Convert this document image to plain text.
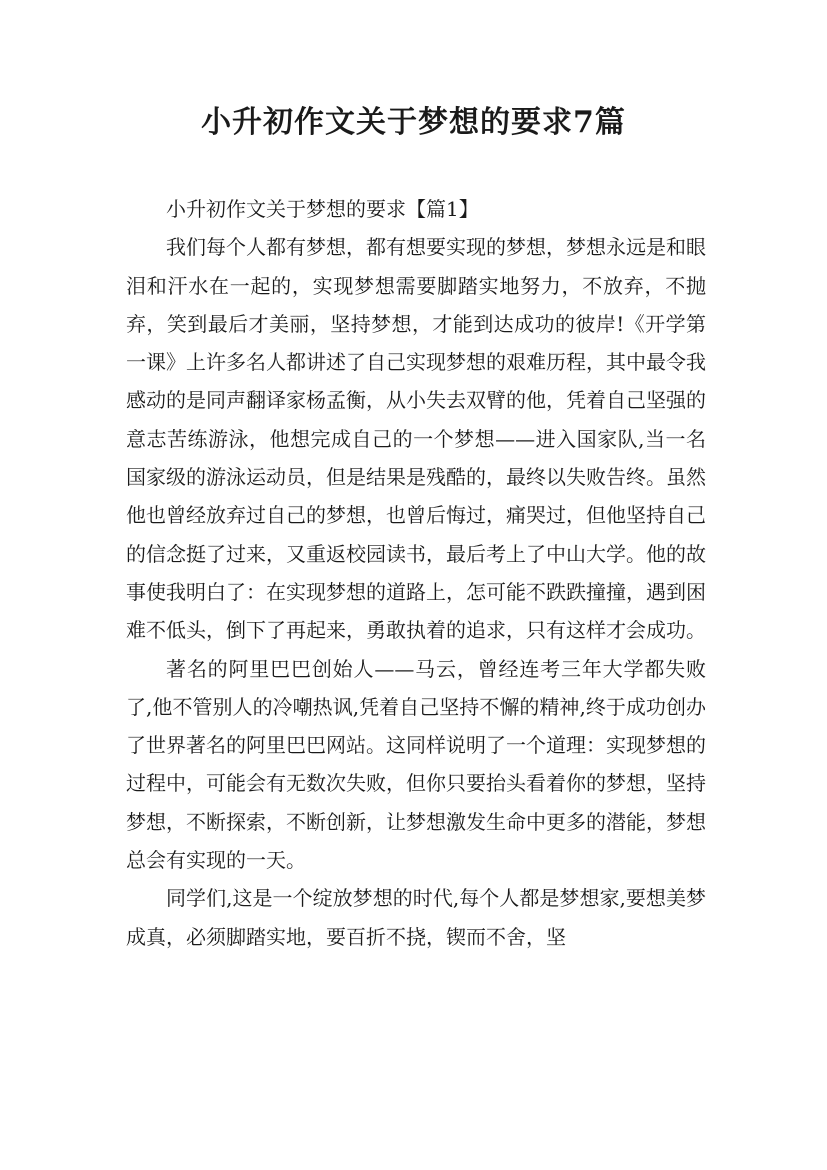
小升初作文关于梦想的要求7篇
小升初作文关于梦想的要求【篇1】

我们每个人都有梦想，都有想要实现的梦想，梦想永远是和眼泪和汗水在一起的，实现梦想需要脚踏实地努力，不放弃，不抛弃，笑到最后才美丽，坚持梦想，才能到达成功的彼岸!《开学第一课》上许多名人都讲述了自己实现梦想的艰难历程，其中最令我感动的是同声翻译家杨孟衡，从小失去双臂的他，凭着自己坚强的意志苦练游泳，他想完成自己的一个梦想——进入国家队,当一名国家级的游泳运动员，但是结果是残酷的，最终以失败告终。虽然他也曾经放弃过自己的梦想，也曾后悔过，痛哭过，但他坚持自己的信念挺了过来，又重返校园读书，最后考上了中山大学。他的故事使我明白了：在实现梦想的道路上，怎可能不跌跌撞撞，遇到困难不低头，倒下了再起来，勇敢执着的追求，只有这样才会成功。

著名的阿里巴巴创始人——马云，曾经连考三年大学都失败了,他不管别人的冷嘲热讽,凭着自己坚持不懈的精神,终于成功创办了世界著名的阿里巴巴网站。这同样说明了一个道理：实现梦想的过程中，可能会有无数次失败，但你只要抬头看着你的梦想，坚持梦想，不断探索，不断创新，让梦想激发生命中更多的潜能，梦想总会有实现的一天。

同学们,这是一个绽放梦想的时代,每个人都是梦想家,要想美梦成真，必须脚踏实地，要百折不挠，锲而不舍，坚
